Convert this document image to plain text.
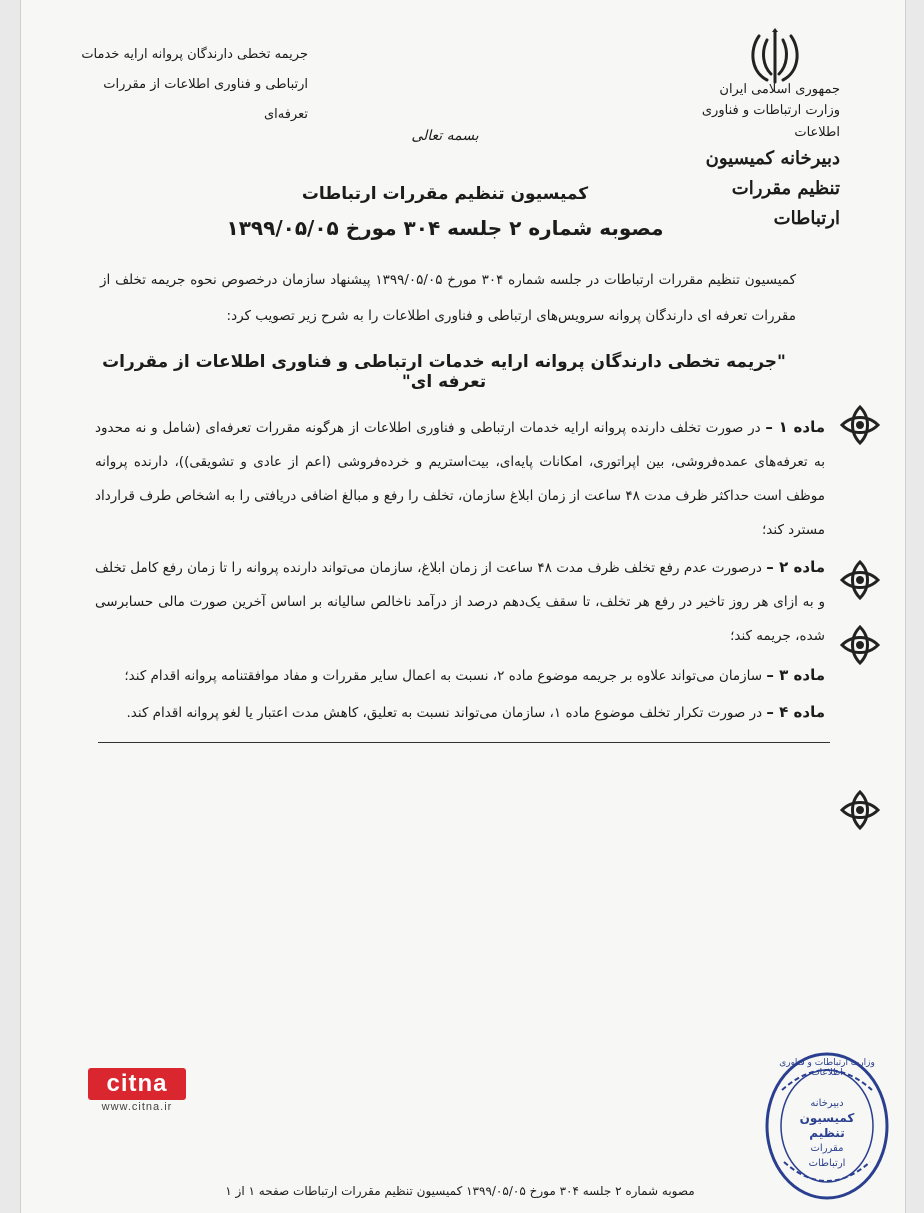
جریمه تخطی دارندگان پروانه ارایه خدمات
ارتباطی و فناوری اطلاعات از مقررات تعرفه‌ای
جمهوری اسلامی ایران
وزارت ارتباطات و فناوری اطلاعات
دبیرخانه کمیسیون تنظیم مقررات ارتباطات
بسمه تعالی
کمیسیون تنظیم مقررات ارتباطات
مصوبه شماره ۲ جلسه ۳۰۴ مورخ ۱۳۹۹/۰۵/۰۵
کمیسیون تنظیم مقررات ارتباطات در جلسه شماره ۳۰۴ مورخ ۱۳۹۹/۰۵/۰۵ پیشنهاد سازمان درخصوص نحوه جریمه تخلف از مقررات تعرفه ای دارندگان پروانه سرویس‌های ارتباطی و فناوری اطلاعات را به شرح زیر تصویب کرد:
"جریمه تخطی دارندگان پروانه ارایه خدمات ارتباطی و فناوری اطلاعات از مقررات تعرفه ای"
ماده ۱ – در صورت تخلف دارنده پروانه ارایه خدمات ارتباطی و فناوری اطلاعات از هرگونه مقررات تعرفه‌ای (شامل و نه محدود به تعرفه‌های عمده‌فروشی، بین اپراتوری، امکانات پایه‌ای، بیت‌استریم و خرده‌فروشی (اعم از عادی و تشویقی))، دارنده پروانه موظف است حداکثر ظرف مدت ۴۸ ساعت از زمان ابلاغ سازمان، تخلف را رفع و مبالغ اضافی دریافتی را به اشخاص طرف قرارداد مسترد کند؛
ماده ۲ – درصورت عدم رفع تخلف ظرف مدت ۴۸ ساعت از زمان ابلاغ، سازمان می‌تواند دارنده پروانه را تا زمان رفع کامل تخلف و به ازای هر روز تاخیر در رفع هر تخلف، تا سقف یک‌دهم درصد از درآمد ناخالص سالیانه بر اساس آخرین صورت مالی حسابرسی شده، جریمه کند؛
ماده ۳ – سازمان می‌تواند علاوه بر جریمه موضوع ماده ۲، نسبت به اعمال سایر مقررات و مفاد موافقتنامه پروانه اقدام کند؛
ماده ۴ – در صورت تکرار تخلف موضوع ماده ۱، سازمان می‌تواند نسبت به تعلیق، کاهش مدت اعتبار یا لغو پروانه اقدام کند.
citna
www.citna.ir	دبیرخانه
کمیسیون تنظیم
مقررات ارتباطات
وزارت ارتباطات و فناوری اطلاعات
مصوبه شماره ۲ جلسه ۳۰۴ مورخ ۱۳۹۹/۰۵/۰۵ کمیسیون تنظیم مقررات ارتباطات صفحه ۱ از ۱
